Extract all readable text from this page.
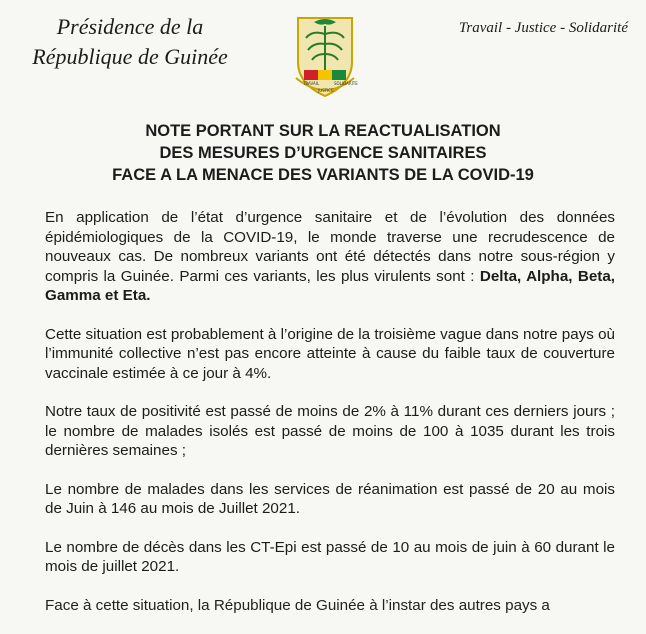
Présidence de la
République de Guinée
TRAVAIL
JUSTICE
SOLIDARITE
Travail - Justice - Solidarité
NOTE PORTANT SUR LA REACTUALISATION
DES MESURES D’URGENCE SANITAIRES
FACE A LA MENACE DES VARIANTS DE LA COVID-19

En application de l’état d’urgence sanitaire et de l’évolution des données épidémiologiques de la COVID-19, le monde traverse une recrudescence de nouveaux cas. De nombreux variants ont été détectés dans notre sous-région y compris la Guinée. Parmi ces variants, les plus virulents sont : Delta, Alpha, Beta, Gamma et Eta.

Cette situation est probablement à l’origine de la troisième vague dans notre pays où l’immunité collective n’est pas encore atteinte à cause du faible taux de couverture vaccinale estimée à ce jour à 4%.

Notre taux de positivité est passé de moins de 2% à 11% durant ces derniers jours ; le nombre de malades isolés est passé de moins de 100 à 1035 durant les trois dernières semaines ;

Le nombre de malades dans les services de réanimation est passé de 20 au mois de Juin à 146 au mois de Juillet 2021.

Le nombre de décès dans les CT-Epi est passé de 10 au mois de juin à 60 durant le mois de juillet 2021.

Face à cette situation, la République de Guinée à l’instar des autres pays a
